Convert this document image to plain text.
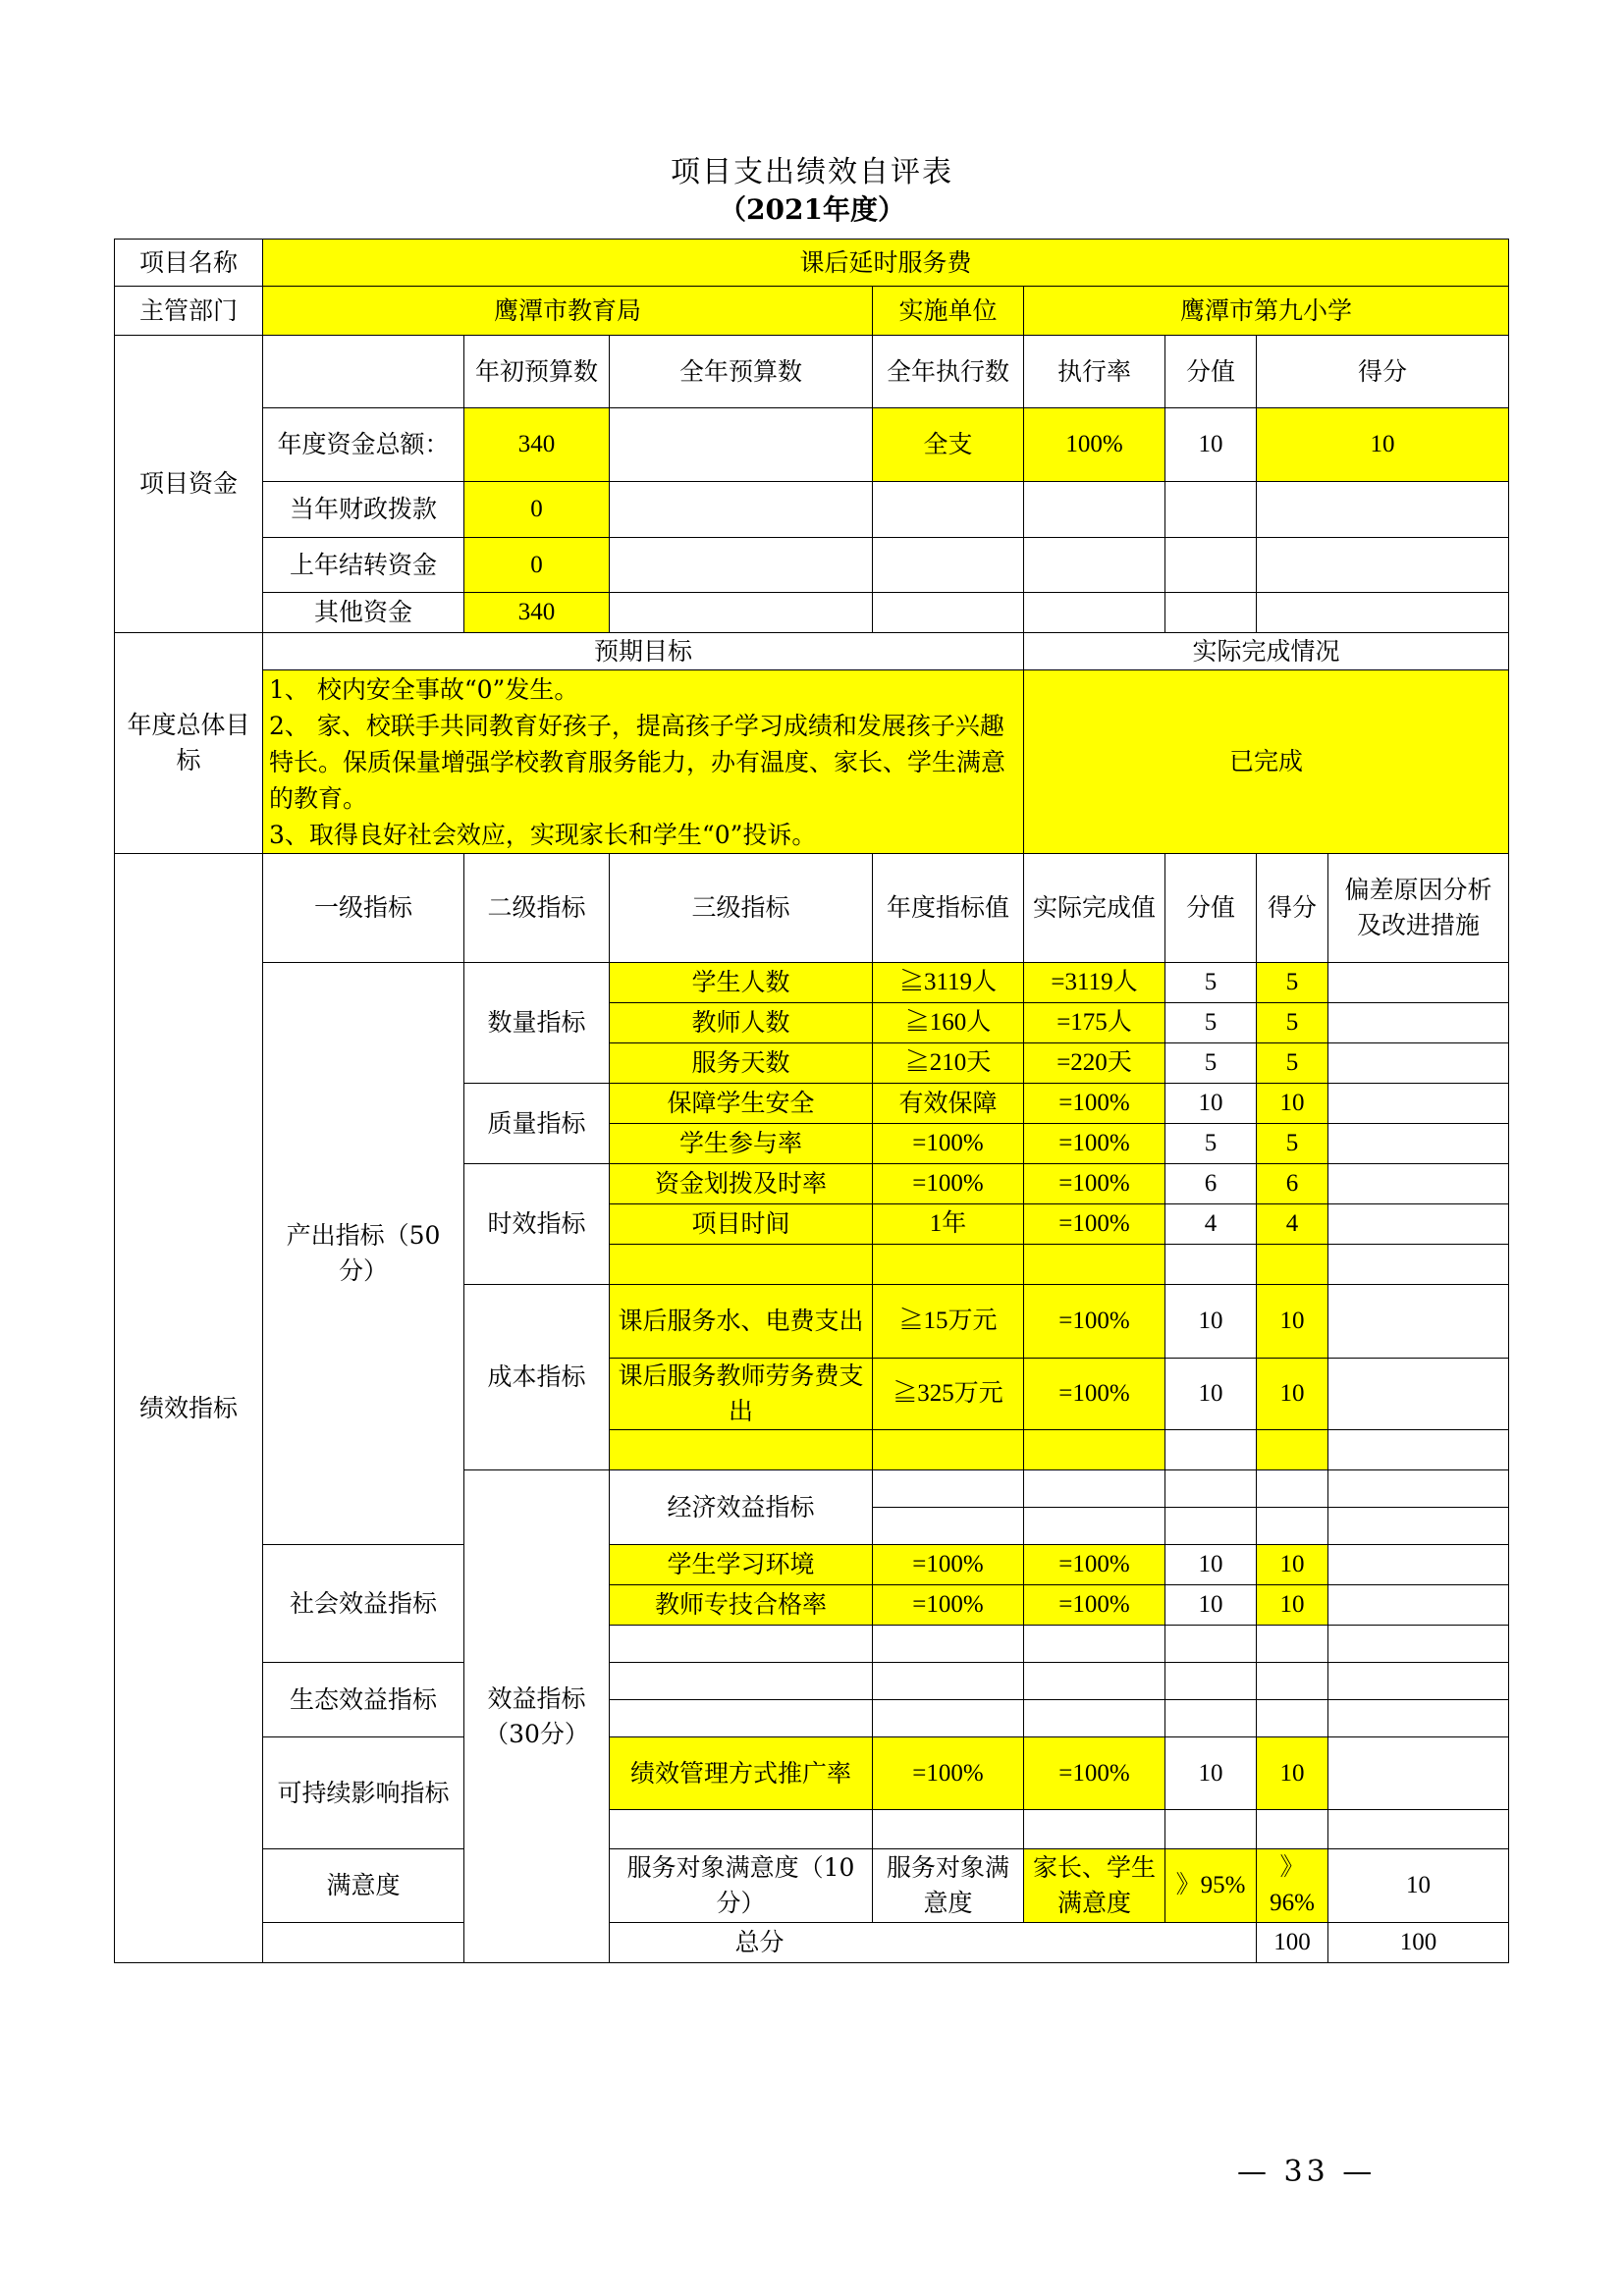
项目支出绩效自评表
（2021年度）
项目名称	课后延时服务费								
主管部门	鹰潭市教育局			实施单位	鹰潭市第九小学				
项目资金		年初预算数	全年预算数	全年执行数	执行率	分值	得分		
	年度资金总额：	340		全支	100%	10	10		
	当年财政拨款	0							
	上年结转资金	0							
	其他资金	340							
年度总体目标	预期目标				实际完成情况				

	1、 校内安全事故“0”发生。
2、 家、校联手共同教育好孩子，提高孩子学习成绩和发展孩子兴趣特长。保质保量增强学校教育服务能力，办有温度、家长、学生满意的教育。
3、取得良好社会效应，实现家长和学生“0”投诉。				已完成				
绩效指标	一级指标	二级指标	三级指标	年度指标值	实际完成值	分值	得分	偏差原因分析及改进措施	
	产出指标（50分）	数量指标	学生人数	≧3119人	=3119人	5	5		
			教师人数	≧160人	=175人	5	5		
			服务天数	≧210天	=220天	5	5		
		质量指标	保障学生安全	有效保障	=100%	10	10		
			学生参与率	=100%	=100%	5	5		
		时效指标	资金划拨及时率	=100%	=100%	6	6		
			项目时间	1年	=100%	4	4		

		成本指标	课后服务水、电费支出	≧15万元	=100%	10	10		
			课后服务教师劳务费支出	≧325万元	=100%	10	10		

		效益指标（30分）	经济效益指标						

	社会效益指标		学生学习环境	=100%	=100%	10	10		
			教师专技合格率	=100%	=100%	10	10		

	生态效益指标								

	可持续影响指标		绩效管理方式推广率	=100%	=100%	10	10		

	满意度		服务对象满意度（10分）	服务对象满意度	家长、学生满意度	》95%	》96%	10		
	总分						100	100	
— 33 —
